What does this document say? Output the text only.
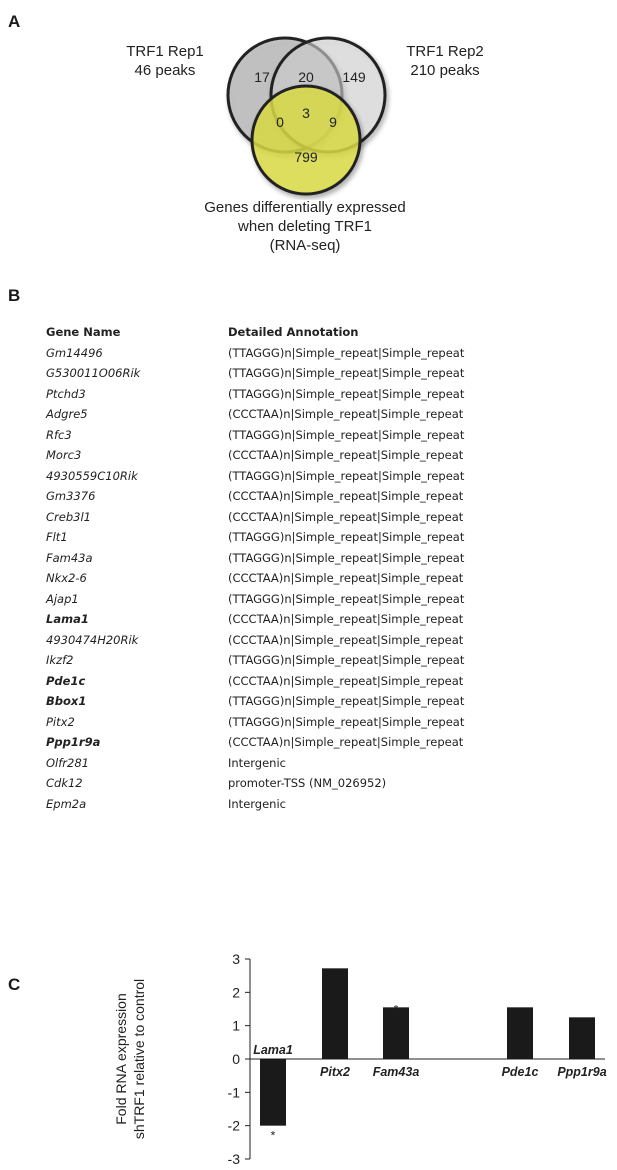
A
TRF1 Rep1
46 peaks
TRF1 Rep2
210 peaks
17 20 149
3
0	9
799
Genes differentially expressed
when deleting TRF1
(RNA-seq)
B
Gene Name	Detailed Annotation
Gm14496	(TTAGGG)n|Simple_repeat|Simple_repeat
G530011O06Rik	(TTAGGG)n|Simple_repeat|Simple_repeat
Ptchd3	(TTAGGG)n|Simple_repeat|Simple_repeat
Adgre5	(CCCTAA)n|Simple_repeat|Simple_repeat
Rfc3	(TTAGGG)n|Simple_repeat|Simple_repeat
Morc3	(CCCTAA)n|Simple_repeat|Simple_repeat
4930559C10Rik	(TTAGGG)n|Simple_repeat|Simple_repeat
Gm3376	(CCCTAA)n|Simple_repeat|Simple_repeat
Creb3l1	(CCCTAA)n|Simple_repeat|Simple_repeat
Flt1	(TTAGGG)n|Simple_repeat|Simple_repeat
Fam43a	(TTAGGG)n|Simple_repeat|Simple_repeat
Nkx2-6	(CCCTAA)n|Simple_repeat|Simple_repeat
Ajap1	(TTAGGG)n|Simple_repeat|Simple_repeat
Lama1	(CCCTAA)n|Simple_repeat|Simple_repeat
4930474H20Rik	(CCCTAA)n|Simple_repeat|Simple_repeat
Ikzf2	(TTAGGG)n|Simple_repeat|Simple_repeat
Pde1c	(CCCTAA)n|Simple_repeat|Simple_repeat
Bbox1	(TTAGGG)n|Simple_repeat|Simple_repeat
Pitx2	(TTAGGG)n|Simple_repeat|Simple_repeat
Ppp1r9a	(CCCTAA)n|Simple_repeat|Simple_repeat
Olfr281	Intergenic
Cdk12	promoter-TSS (NM_026952)
Epm2a	Intergenic
C
3
2
1
0
-1
-2
-3
Fold RNA expression shTRF1 relative to control	Lama1
*
Pitx2 Fam43a
*
Pde1c Ppp1r9a
